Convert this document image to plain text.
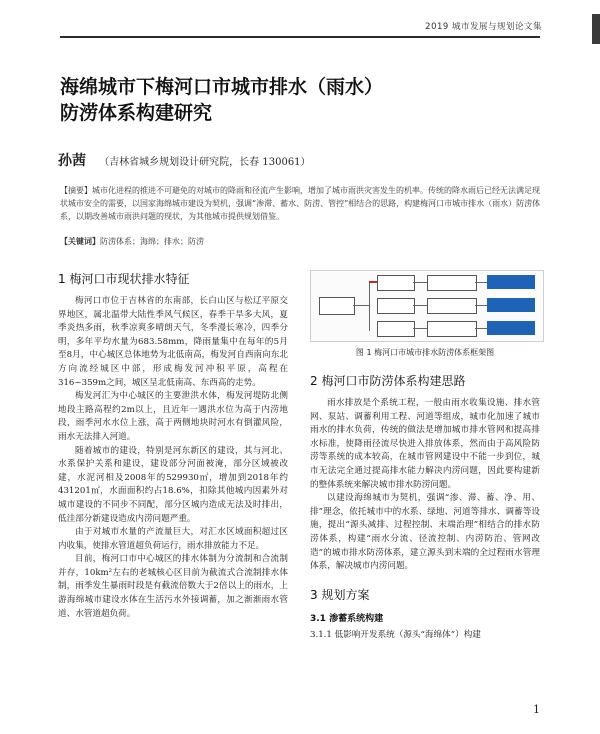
2019 城市发展与规划论文集
海绵城市下梅河口市城市排水（雨水）
防涝体系构建研究
孙茜 （吉林省城乡规划设计研究院，长春 130061）

【摘要】城市化进程的推进不可避免的对城市的降雨和径流产生影响，增加了城市雨洪灾害发生的机率。传统的降水雨后已经无法满足现状城市安全的需要，以国家海绵城市建设为契机，强调“渗滞、蓄水、防涝、管控”相结合的思路，构建梅河口市城市排水（雨水）防涝体系，以期改善城市雨洪问题的现状，为其他城市提供规划借鉴。

【关键词】防涝体系；海绵；排水；防涝
1 梅河口市现状排水特征

梅河口市位于吉林省的东南部，长白山区与松辽平原交界地区，属北温带大陆性季风气候区，春季干旱多大风，夏季炎热多雨，秋季凉爽多晴朗天气，冬季漫长寒冷，四季分明，多年平均水量为683.58mm，降雨量集中在每年的5月至8月，中心城区总体地势为北低南高，梅发河自西南向东北方向流经城区中部，形成梅发河冲积平原，高程在316~359m之间，城区呈北低南高、东西高的走势。

梅发河汇为中心城区的主要泄洪水体，梅发河堤防北侧地段主路高程约2m以上，且近年一遇洪水位为高于内涝地段，雨季河水水位上涨，高于两侧地块时河水有倒灌风险，雨水无法排入河道。

随着城市的建设，特别是河东新区的建设，其与河北、水系保护关系和建设，建设部分河面被淹，部分区域被改建，水泥河相及2008年的529930㎡，增加到2018年约431201㎡，水面面积约占18.6%，扣除其他城内因素外对城市建设的不同步不同配，部分区城内造成无法及时排出，低洼部分新建设造成内涝问题严重。

由于对城市水量的产流量巨大，对汇水区域面积超过区内收集，使排水管道超负荷运行，雨水排放能力不足。

目前，梅河口市中心城区的排水体制为分流制和合流制并存，10km²左右的老城核心区目前为截流式合流制排水体制，雨季发生暴雨时段是有截流倍数大于2倍以上的雨水，上游海绵城市建设水体在生活污水外接调蓄，加之渐渐雨水管道、水管道超负荷。

图 1 梅河口市城市排水防涝体系框架图
2 梅河口市防涝体系构建思路

雨水排放是个系统工程，一般由雨水收集设施、排水管网、泵站、调蓄利用工程、河道等组成，城市化加速了城市雨水的排水负荷，传统的做法是增加城市排水管网和提高排水标准，使降雨径流尽快进入排放体系，然而由于高风险防涝等系统的成本较高，在城市管网建设中不能一步到位，城市无法完全通过提高排水能力解决内涝问题，因此要构建新的整体系统来解决城市排水防涝问题。

以建设海绵城市为契机，强调“渗、滞、蓄、净、用、排”理念，依托城市中的水系、绿地、河道等排水、调蓄等设施，提出“源头减排、过程控制、末端治理”相结合的排水防涝体系，构建“雨水分流、径流控制、内涝防治、管网改造”的城市排水防涝体系，建立源头到末端的全过程雨水管理体系，解决城市内涝问题。

3 规划方案
3.1 渗蓄系统构建

3.1.1 低影响开发系统（源头“海绵体”）构建

1
